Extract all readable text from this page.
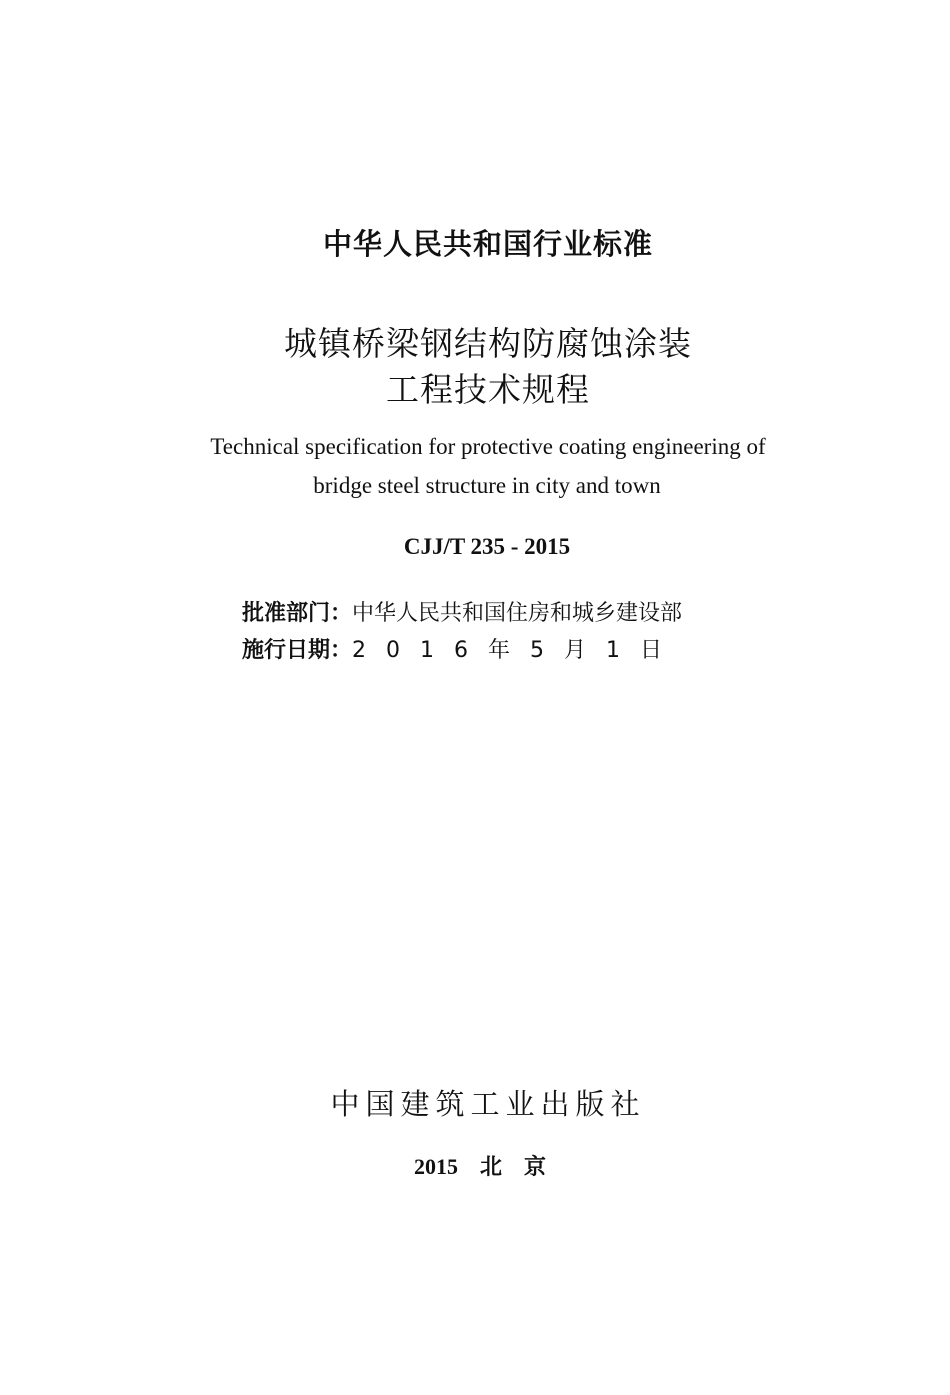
中华人民共和国行业标准
城镇桥梁钢结构防腐蚀涂装
工程技术规程
Technical specification for protective coating engineering of
bridge steel structure in city and town
CJJ/T 235 - 2015
批准部门：中华人民共和国住房和城乡建设部
施行日期：2016年5月1日
中国建筑工业出版社
2015 北京
